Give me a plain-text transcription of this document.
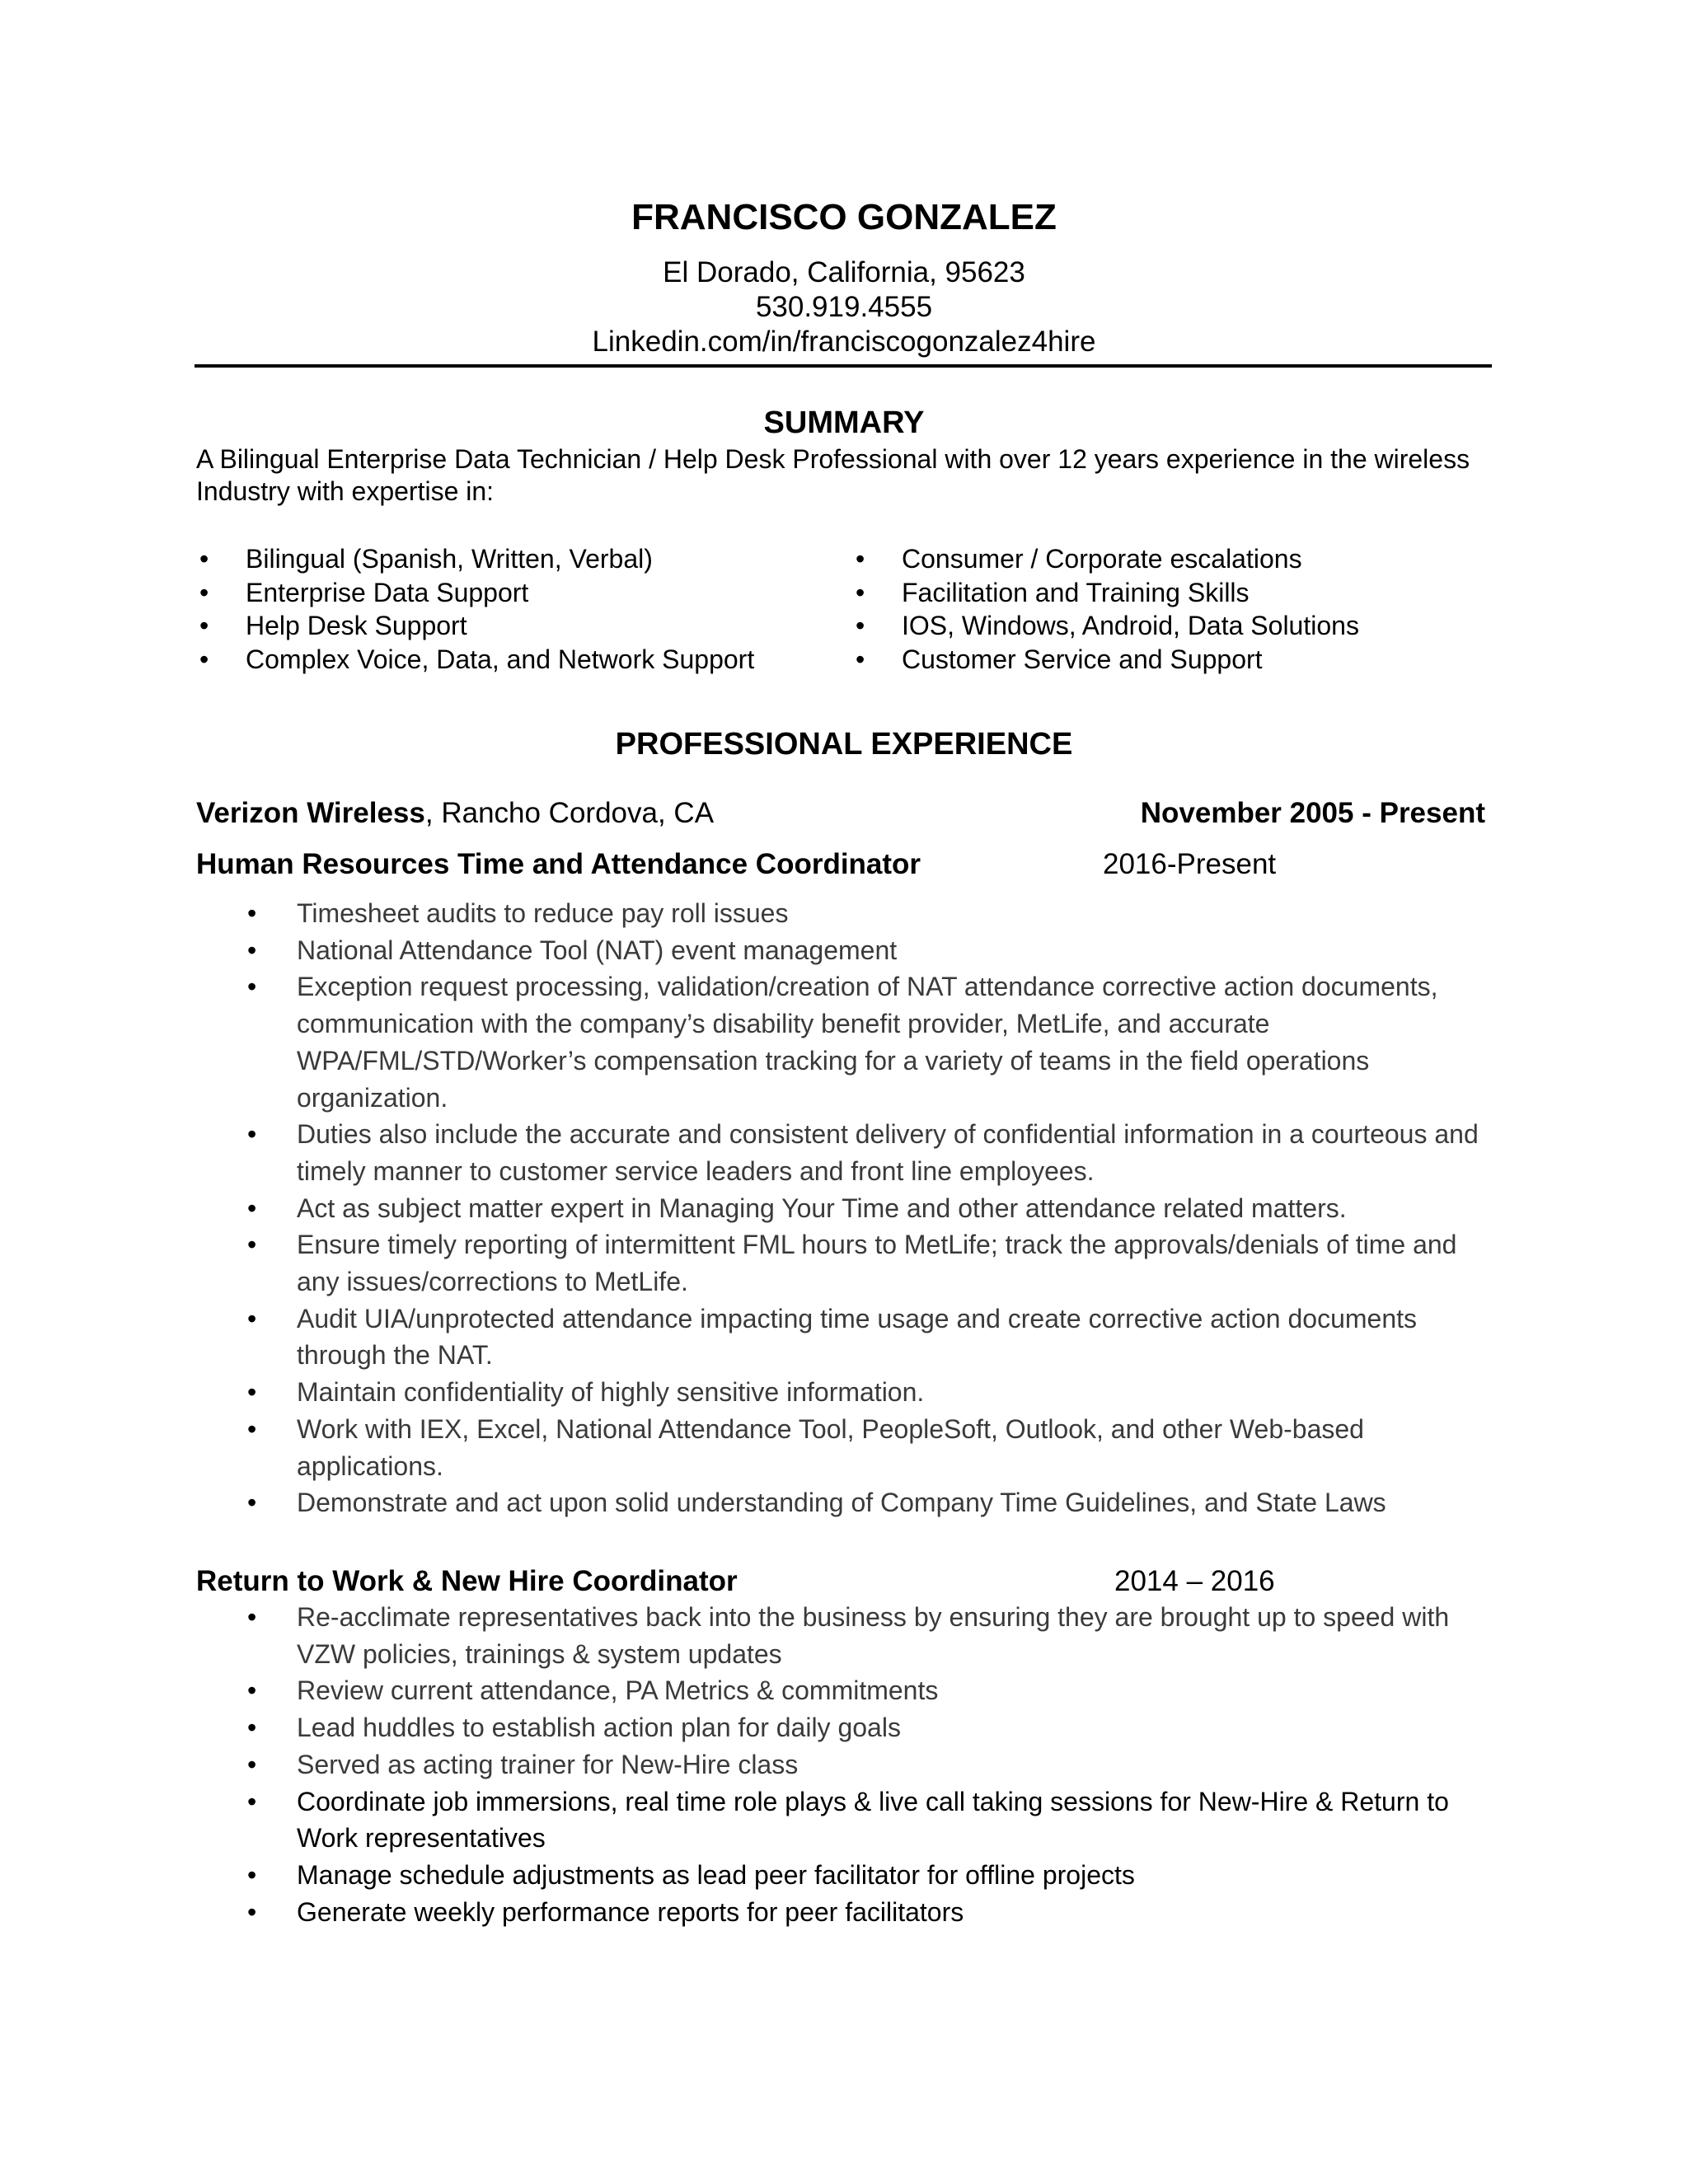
FRANCISCO GONZALEZ
El Dorado, California, 95623
530.919.4555
Linkedin.com/in/franciscogonzalez4hire
SUMMARY
A Bilingual Enterprise Data Technician / Help Desk Professional with over 12 years experience in the wireless Industry with expertise in:
• Bilingual (Spanish, Written, Verbal)
• Enterprise Data Support
• Help Desk Support
• Complex Voice, Data, and Network Support
• Consumer / Corporate escalations
• Facilitation and Training Skills
• IOS, Windows, Android, Data Solutions
• Customer Service and Support
PROFESSIONAL EXPERIENCE
Verizon Wireless, Rancho Cordova, CA	November 2005 - Present
Human Resources Time and Attendance Coordinator	2016-Present
• Timesheet audits to reduce pay roll issues
• National Attendance Tool (NAT) event management
• Exception request processing, validation/creation of NAT attendance corrective action documents, communication with the company’s disability benefit provider, MetLife, and accurate WPA/FML/STD/Worker’s compensation tracking for a variety of teams in the field operations organization.
• Duties also include the accurate and consistent delivery of confidential information in a courteous and timely manner to customer service leaders and front line employees.
• Act as subject matter expert in Managing Your Time and other attendance related matters.
• Ensure timely reporting of intermittent FML hours to MetLife; track the approvals/denials of time and any issues/corrections to MetLife.
• Audit UIA/unprotected attendance impacting time usage and create corrective action documents through the NAT.
• Maintain confidentiality of highly sensitive information.
• Work with IEX, Excel, National Attendance Tool, PeopleSoft, Outlook, and other Web-based applications.
• Demonstrate and act upon solid understanding of Company Time Guidelines, and State Laws
Return to Work & New Hire Coordinator	2014 – 2016
• Re-acclimate representatives back into the business by ensuring they are brought up to speed with VZW policies, trainings & system updates
• Review current attendance, PA Metrics & commitments
• Lead huddles to establish action plan for daily goals
• Served as acting trainer for New-Hire class
• Coordinate job immersions, real time role plays & live call taking sessions for New-Hire & Return to Work representatives
• Manage schedule adjustments as lead peer facilitator for offline projects
• Generate weekly performance reports for peer facilitators
